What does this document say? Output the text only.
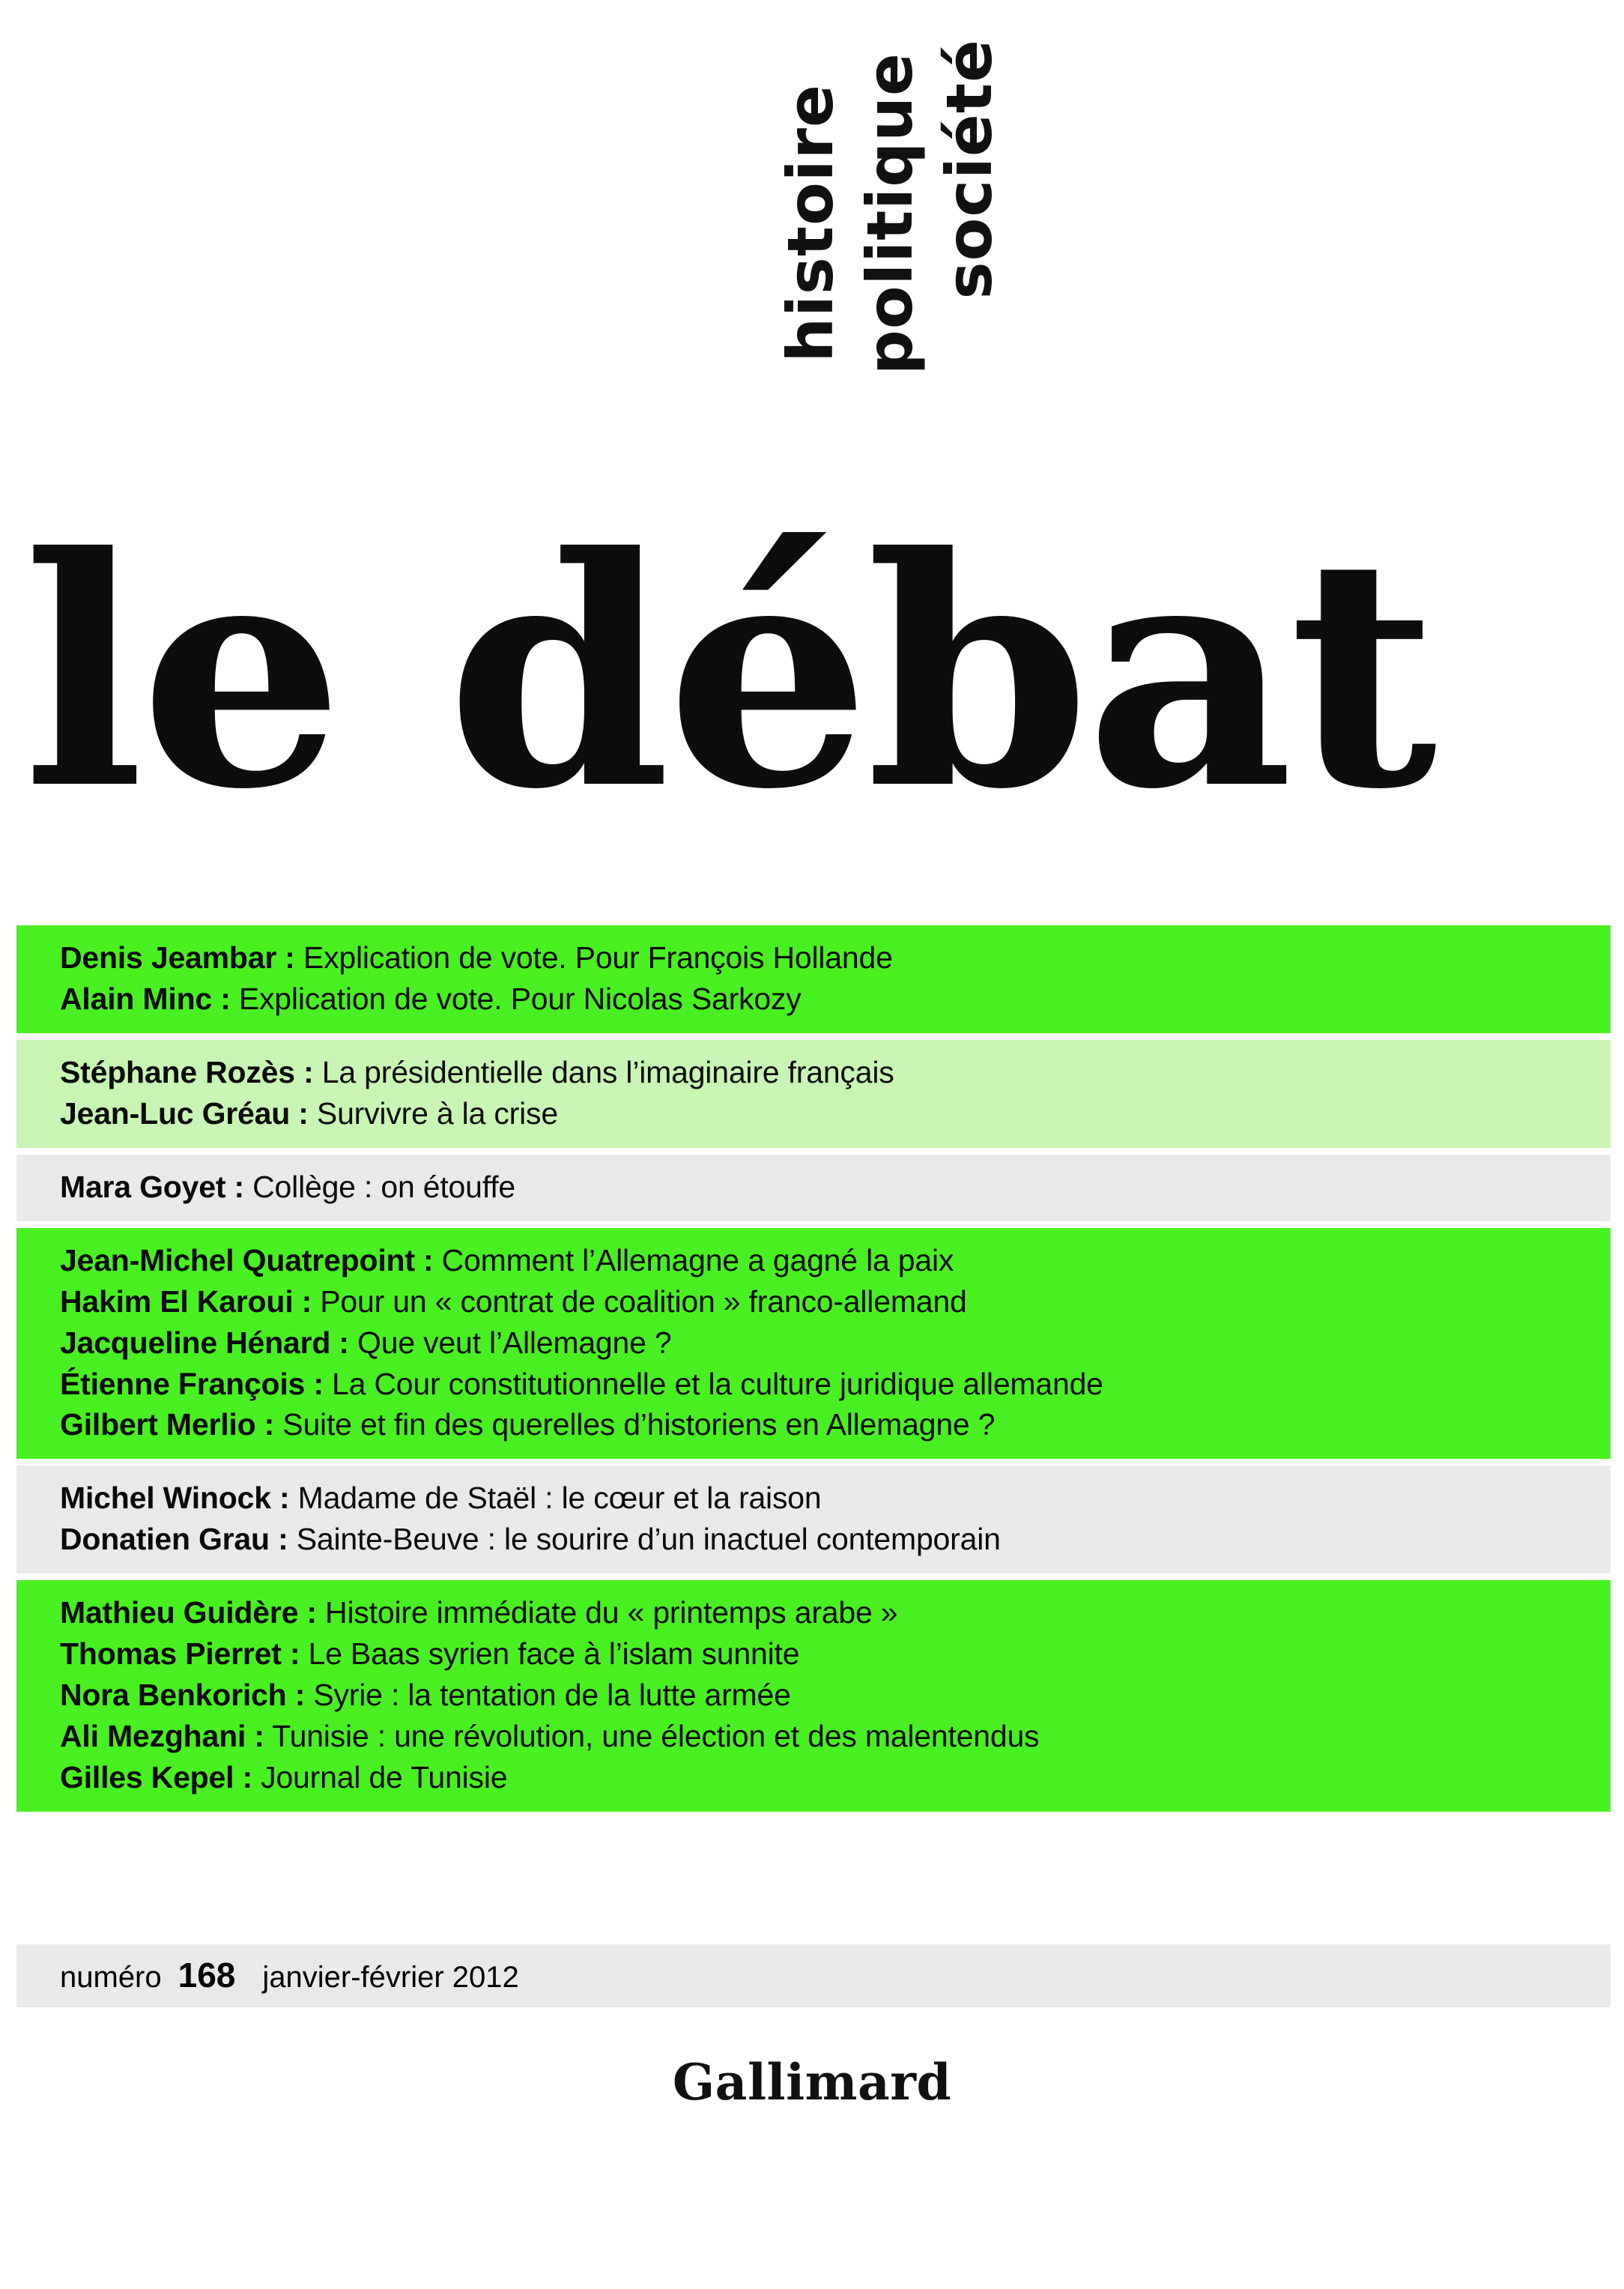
histoire politique société
le débat
Denis Jeambar : Explication de vote. Pour François Hollande
Alain Minc : Explication de vote. Pour Nicolas Sarkozy
Stéphane Rozès : La présidentielle dans l’imaginaire français
Jean-Luc Gréau : Survivre à la crise
Mara Goyet : Collège : on étouffe
Jean-Michel Quatrepoint : Comment l’Allemagne a gagné la paix
Hakim El Karoui : Pour un « contrat de coalition » franco-allemand
Jacqueline Hénard : Que veut l’Allemagne ?
Étienne François : La Cour constitutionnelle et la culture juridique allemande
Gilbert Merlio : Suite et fin des querelles d’historiens en Allemagne ?
Michel Winock : Madame de Staël : le cœur et la raison
Donatien Grau : Sainte-Beuve : le sourire d’un inactuel contemporain
Mathieu Guidère : Histoire immédiate du « printemps arabe »
Thomas Pierret : Le Baas syrien face à l’islam sunnite
Nora Benkorich : Syrie : la tentation de la lutte armée
Ali Mezghani : Tunisie : une révolution, une élection et des malentendus
Gilles Kepel : Journal de Tunisie
numéro 168 janvier-février 2012
Gallimard
